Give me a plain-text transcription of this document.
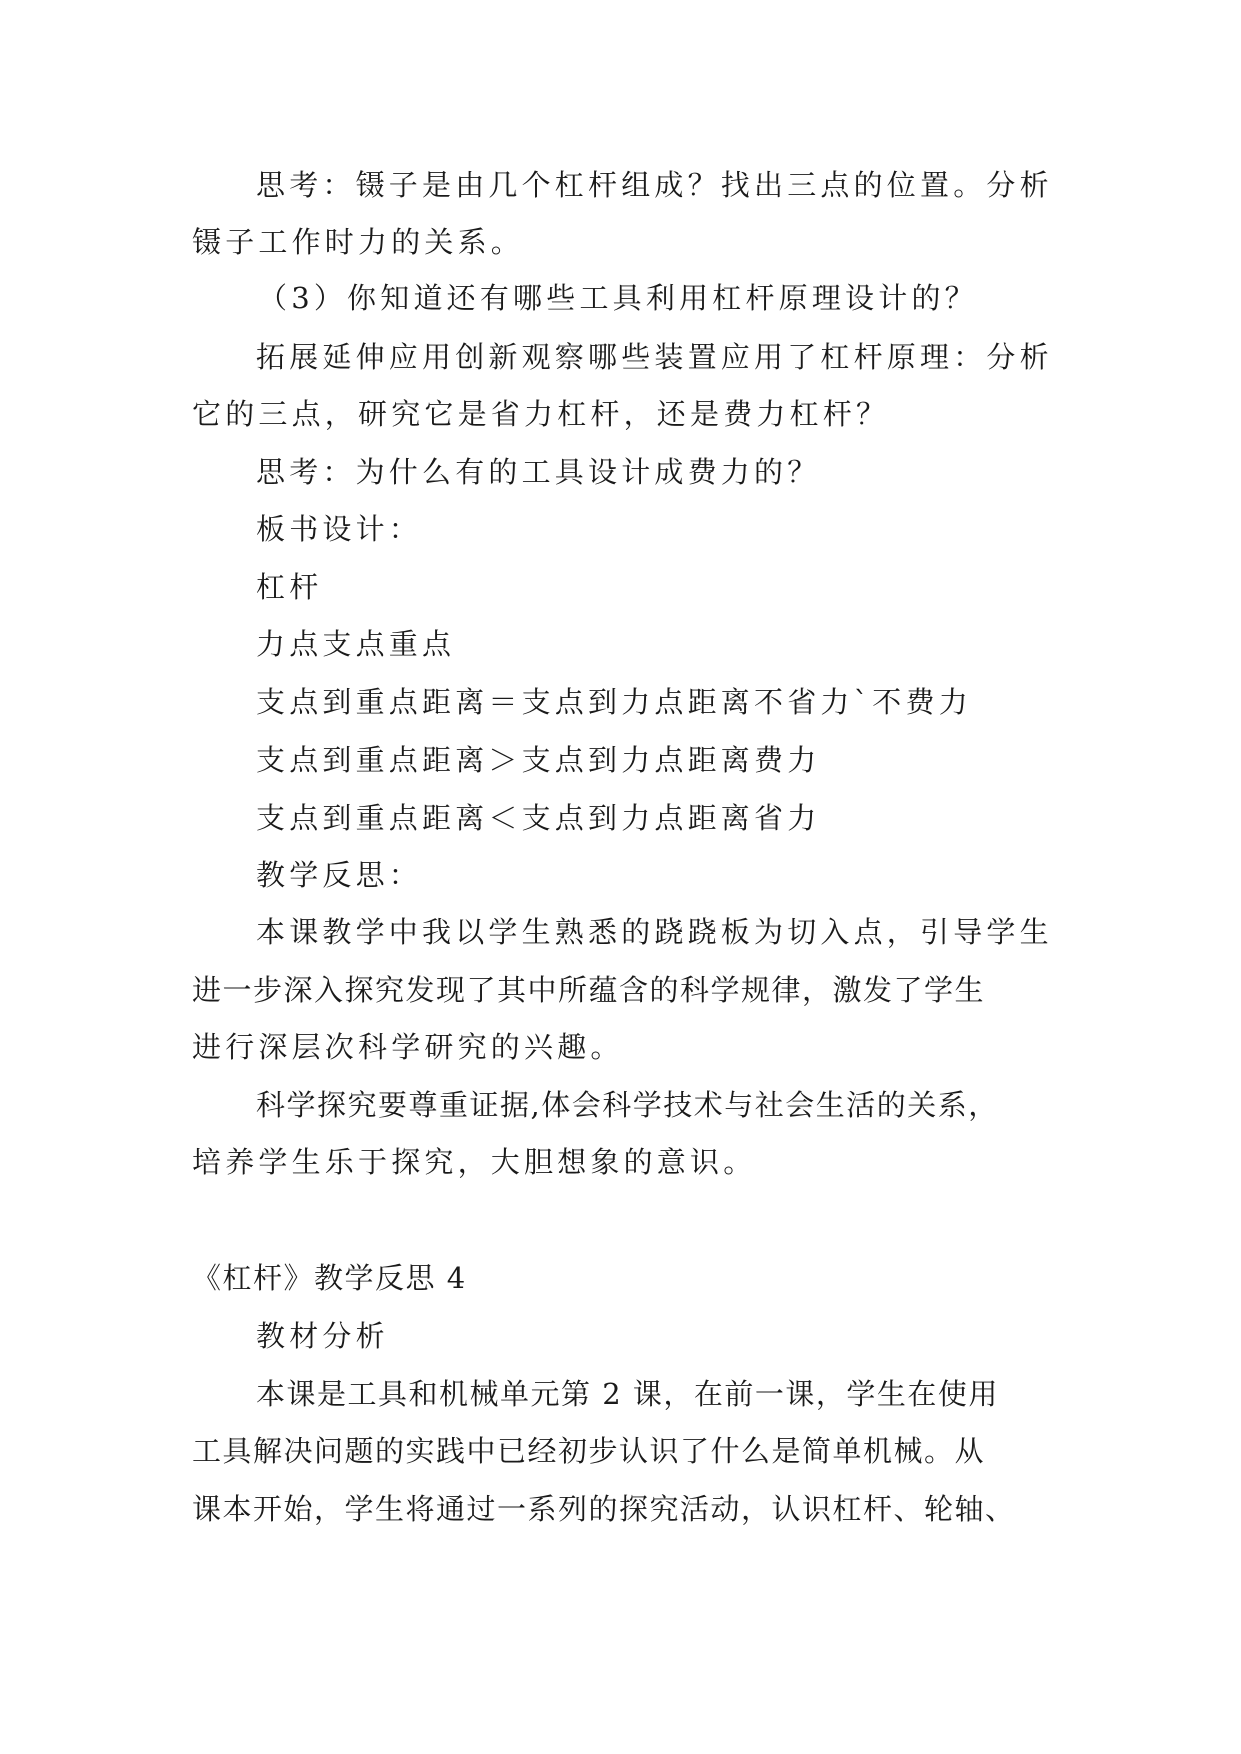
思考：镊子是由几个杠杆组成？找出三点的位置。分析
镊子工作时力的关系。
（3）你知道还有哪些工具利用杠杆原理设计的？
拓展延伸应用创新观察哪些装置应用了杠杆原理：分析
它的三点，研究它是省力杠杆，还是费力杠杆？
思考：为什么有的工具设计成费力的？
板书设计：
杠杆
力点支点重点
支点到重点距离＝支点到力点距离不省力`不费力
支点到重点距离＞支点到力点距离费力
支点到重点距离＜支点到力点距离省力
教学反思：
本课教学中我以学生熟悉的跷跷板为切入点，引导学生
进一步深入探究发现了其中所蕴含的科学规律，激发了学生
进行深层次科学研究的兴趣。
科学探究要尊重证据,体会科学技术与社会生活的关系，
培养学生乐于探究，大胆想象的意识。
《杠杆》教学反思 4
教材分析
本课是工具和机械单元第 2 课，在前一课，学生在使用
工具解决问题的实践中已经初步认识了什么是简单机械。从
课本开始，学生将通过一系列的探究活动，认识杠杆、轮轴、
